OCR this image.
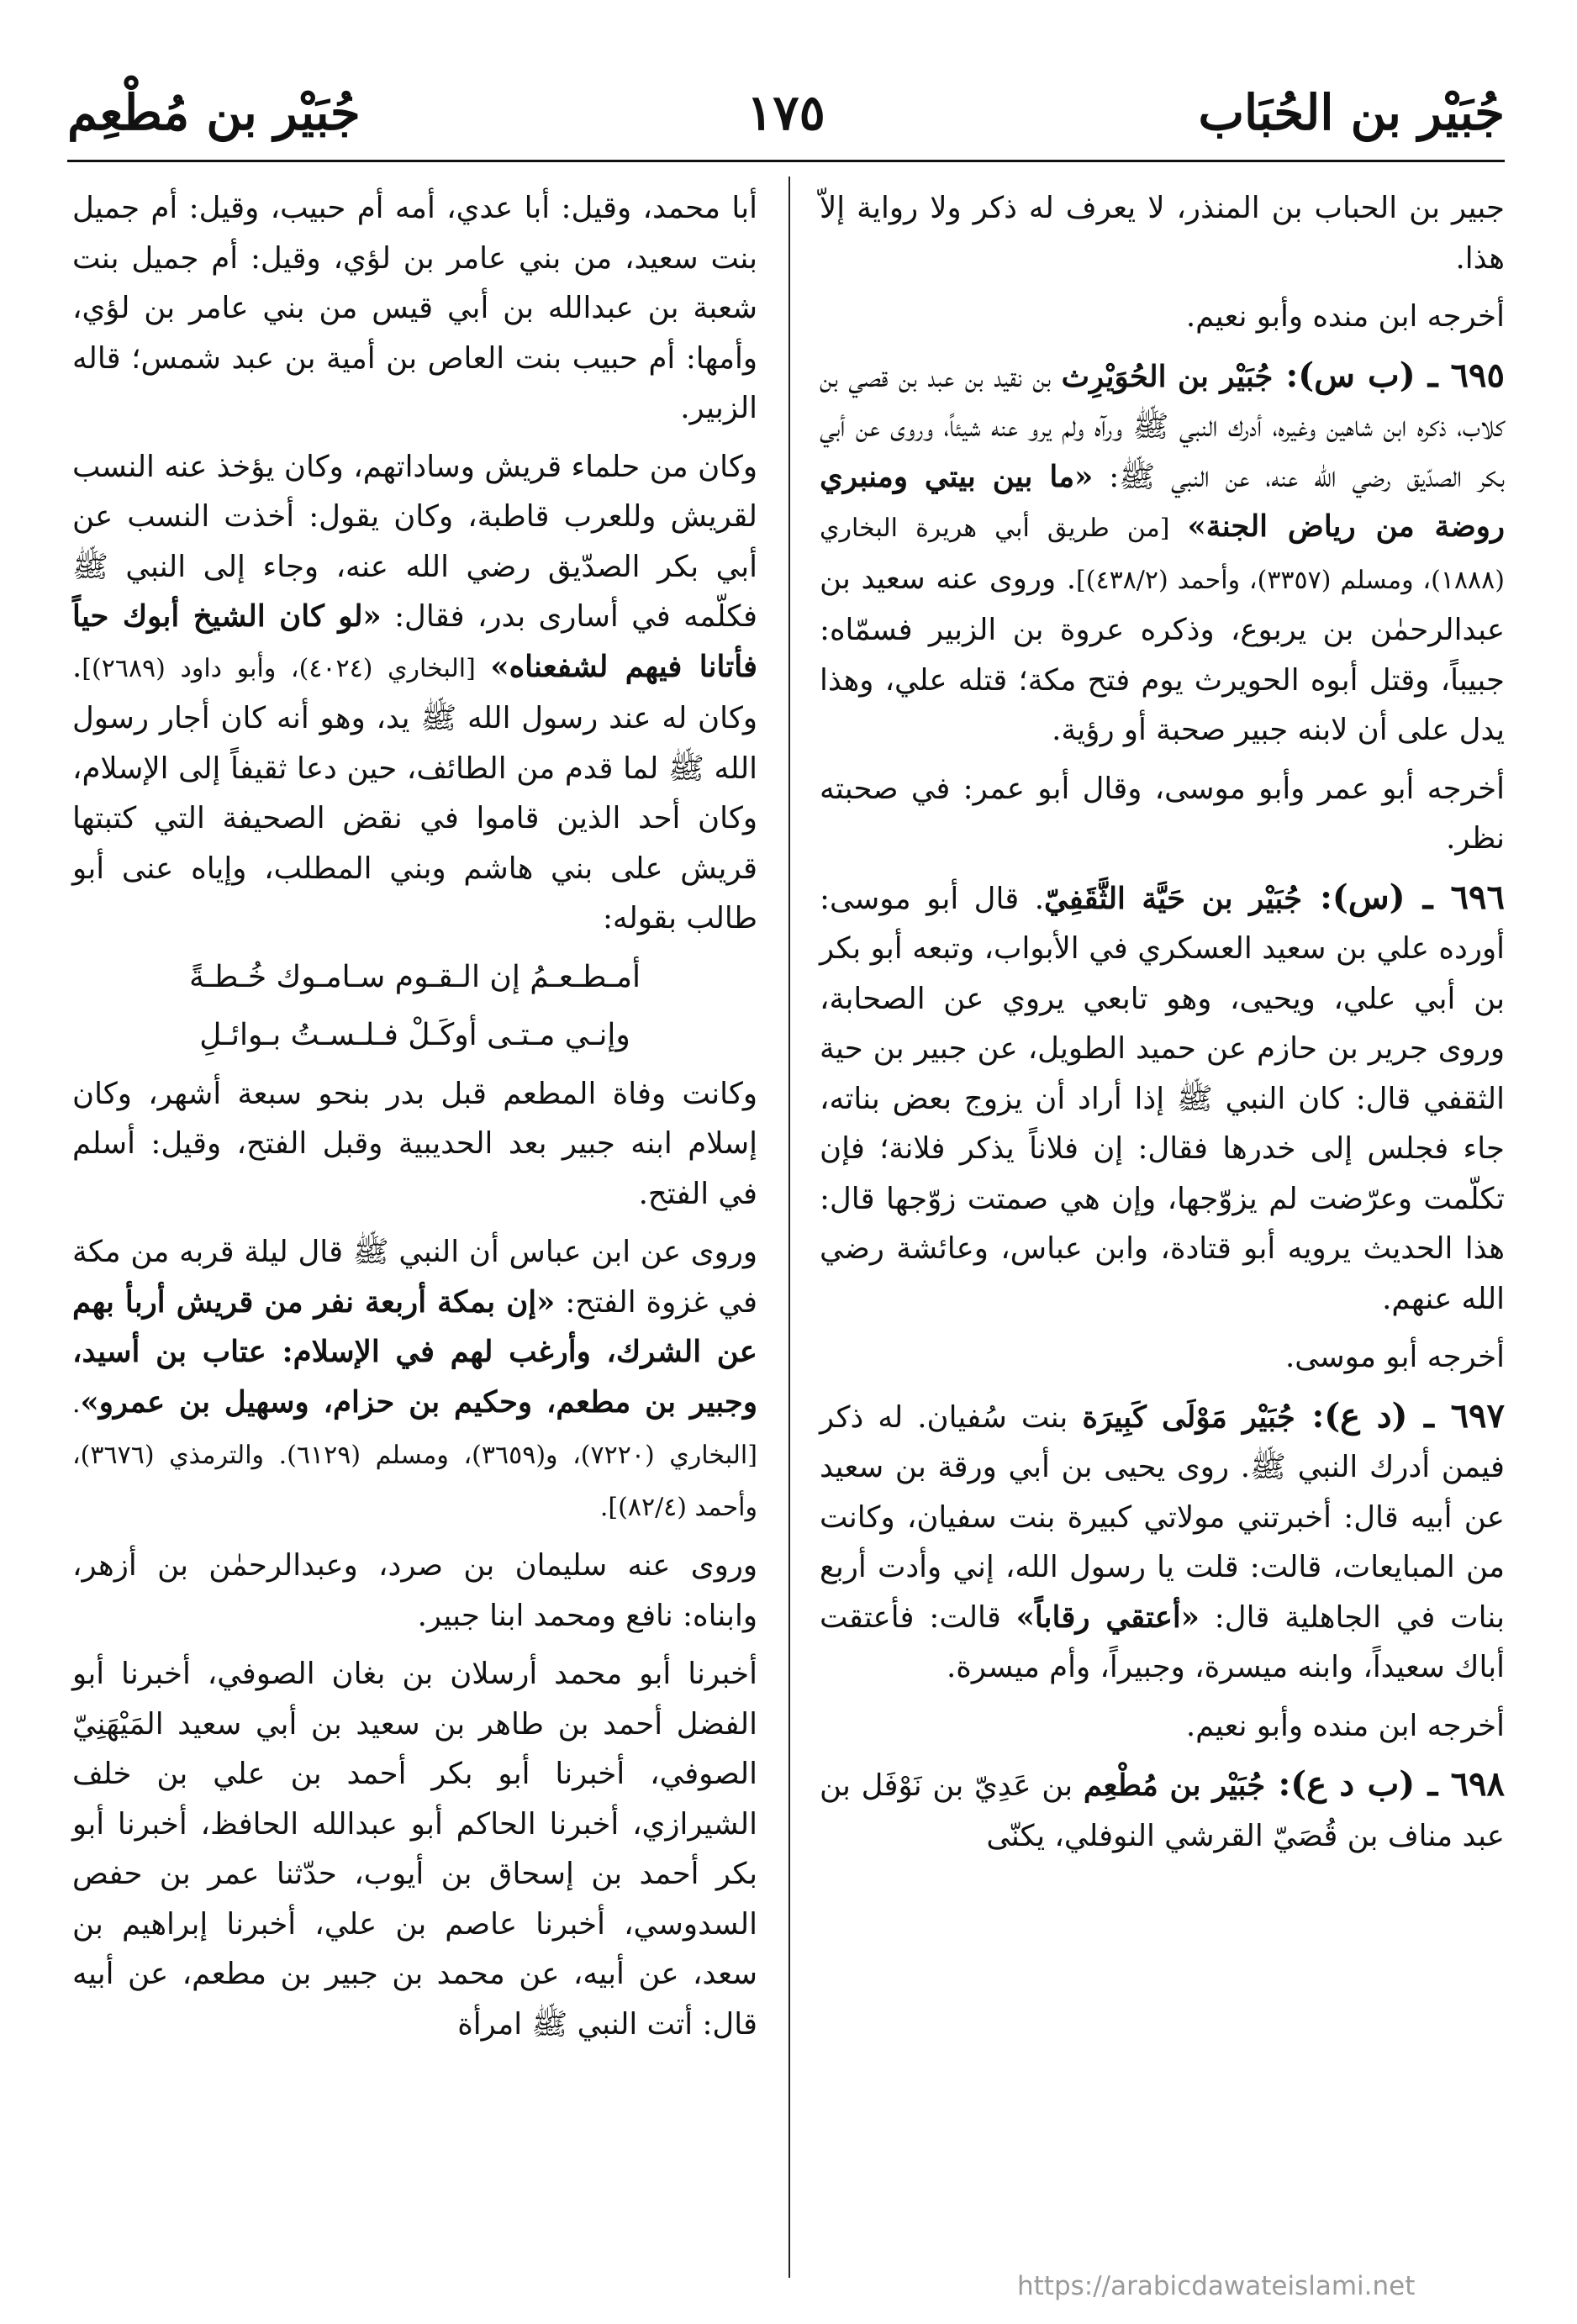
جُبَيْر بن الحُبَاب
١٧٥
جُبَيْر بن مُطْعِم

جبير بن الحباب بن المنذر، لا يعرف له ذكر ولا رواية إلاّ هذا.

أخرجه ابن منده وأبو نعيم.

٦٩٥ ـ (ب س): جُبَيْر بن الحُوَيْرِث بن نقيد بن عبد بن قصي بن كلاب، ذكره ابن شاهين وغيره، أدرك النبي ﷺ ورآه ولم يرو عنه شيئاً، وروى عن أبي بكر الصدّيق رضي الله عنه، عن النبي ﷺ: «ما بين بيتي ومنبري روضة من رياض الجنة» [من طريق أبي هريرة البخاري (١٨٨٨)، ومسلم (٣٣٥٧)، وأحمد (٤٣٨/٢)]. وروى عنه سعيد بن عبدالرحمٰن بن يربوع، وذكره عروة بن الزبير فسمّاه: جبيباً، وقتل أبوه الحويرث يوم فتح مكة؛ قتله علي، وهذا يدل على أن لابنه جبير صحبة أو رؤية.

أخرجه أبو عمر وأبو موسى، وقال أبو عمر: في صحبته نظر.

٦٩٦ ـ (س): جُبَيْر بن حَيَّة الثَّقَفِيّ. قال أبو موسى: أورده علي بن سعيد العسكري في الأبواب، وتبعه أبو بكر بن أبي علي، ويحيى، وهو تابعي يروي عن الصحابة، وروى جرير بن حازم عن حميد الطويل، عن جبير بن حية الثقفي قال: كان النبي ﷺ إذا أراد أن يزوج بعض بناته، جاء فجلس إلى خدرها فقال: إن فلاناً يذكر فلانة؛ فإن تكلّمت وعرّضت لم يزوّجها، وإن هي صمتت زوّجها قال: هذا الحديث يرويه أبو قتادة، وابن عباس، وعائشة رضي الله عنهم.

أخرجه أبو موسى.

٦٩٧ ـ (د ع): جُبَيْر مَوْلَى كَبِيرَة بنت سُفيان. له ذكر فيمن أدرك النبي ﷺ. روى يحيى بن أبي ورقة بن سعيد عن أبيه قال: أخبرتني مولاتي كبيرة بنت سفيان، وكانت من المبايعات، قالت: قلت يا رسول الله، إني وأدت أربع بنات في الجاهلية قال: «أعتقي رقاباً» قالت: فأعتقت أباك سعيداً، وابنه ميسرة، وجبيراً، وأم ميسرة.

أخرجه ابن منده وأبو نعيم.

٦٩٨ ـ (ب د ع): جُبَيْر بن مُطْعِم بن عَدِيّ بن نَوْفَل بن عبد مناف بن قُصَيّ القرشي النوفلي، يكنّى

أبا محمد، وقيل: أبا عدي، أمه أم حبيب، وقيل: أم جميل بنت سعيد، من بني عامر بن لؤي، وقيل: أم جميل بنت شعبة بن عبدالله بن أبي قيس من بني عامر بن لؤي، وأمها: أم حبيب بنت العاص بن أمية بن عبد شمس؛ قاله الزبير.

وكان من حلماء قريش وساداتهم، وكان يؤخذ عنه النسب لقريش وللعرب قاطبة، وكان يقول: أخذت النسب عن أبي بكر الصدّيق رضي الله عنه، وجاء إلى النبي ﷺ فكلّمه في أسارى بدر، فقال: «لو كان الشيخ أبوك حياً فأتانا فيهم لشفعناه» [البخاري (٤٠٢٤)، وأبو داود (٢٦٨٩)]. وكان له عند رسول الله ﷺ يد، وهو أنه كان أجار رسول الله ﷺ لما قدم من الطائف، حين دعا ثقيفاً إلى الإسلام، وكان أحد الذين قاموا في نقض الصحيفة التي كتبتها قريش على بني هاشم وبني المطلب، وإياه عنى أبو طالب بقوله:

أمـطـعـمُ إن الـقـوم سـامـوك خُـطـةً

وإنـي مـتـى أوكَـلْ فـلـسـتُ بـوائـلِ

وكانت وفاة المطعم قبل بدر بنحو سبعة أشهر، وكان إسلام ابنه جبير بعد الحديبية وقبل الفتح، وقيل: أسلم في الفتح.

وروى عن ابن عباس أن النبي ﷺ قال ليلة قربه من مكة في غزوة الفتح: «إن بمكة أربعة نفر من قريش أربأ بهم عن الشرك، وأرغب لهم في الإسلام: عتاب بن أسيد، وجبير بن مطعم، وحكيم بن حزام، وسهيل بن عمرو». [البخاري (٧٢٢٠)، و(٣٦٥٩)، ومسلم (٦١٢٩). والترمذي (٣٦٧٦)، وأحمد (٨٢/٤)].

وروى عنه سليمان بن صرد، وعبدالرحمٰن بن أزهر، وابناه: نافع ومحمد ابنا جبير.

أخبرنا أبو محمد أرسلان بن بغان الصوفي، أخبرنا أبو الفضل أحمد بن طاهر بن سعيد بن أبي سعيد المَيْهَنِيّ الصوفي، أخبرنا أبو بكر أحمد بن علي بن خلف الشيرازي، أخبرنا الحاكم أبو عبدالله الحافظ، أخبرنا أبو بكر أحمد بن إسحاق بن أيوب، حدّثنا عمر بن حفص السدوسي، أخبرنا عاصم بن علي، أخبرنا إبراهيم بن سعد، عن أبيه، عن محمد بن جبير بن مطعم، عن أبيه قال: أتت النبي ﷺ امرأة

https://arabicdawateislami.net
